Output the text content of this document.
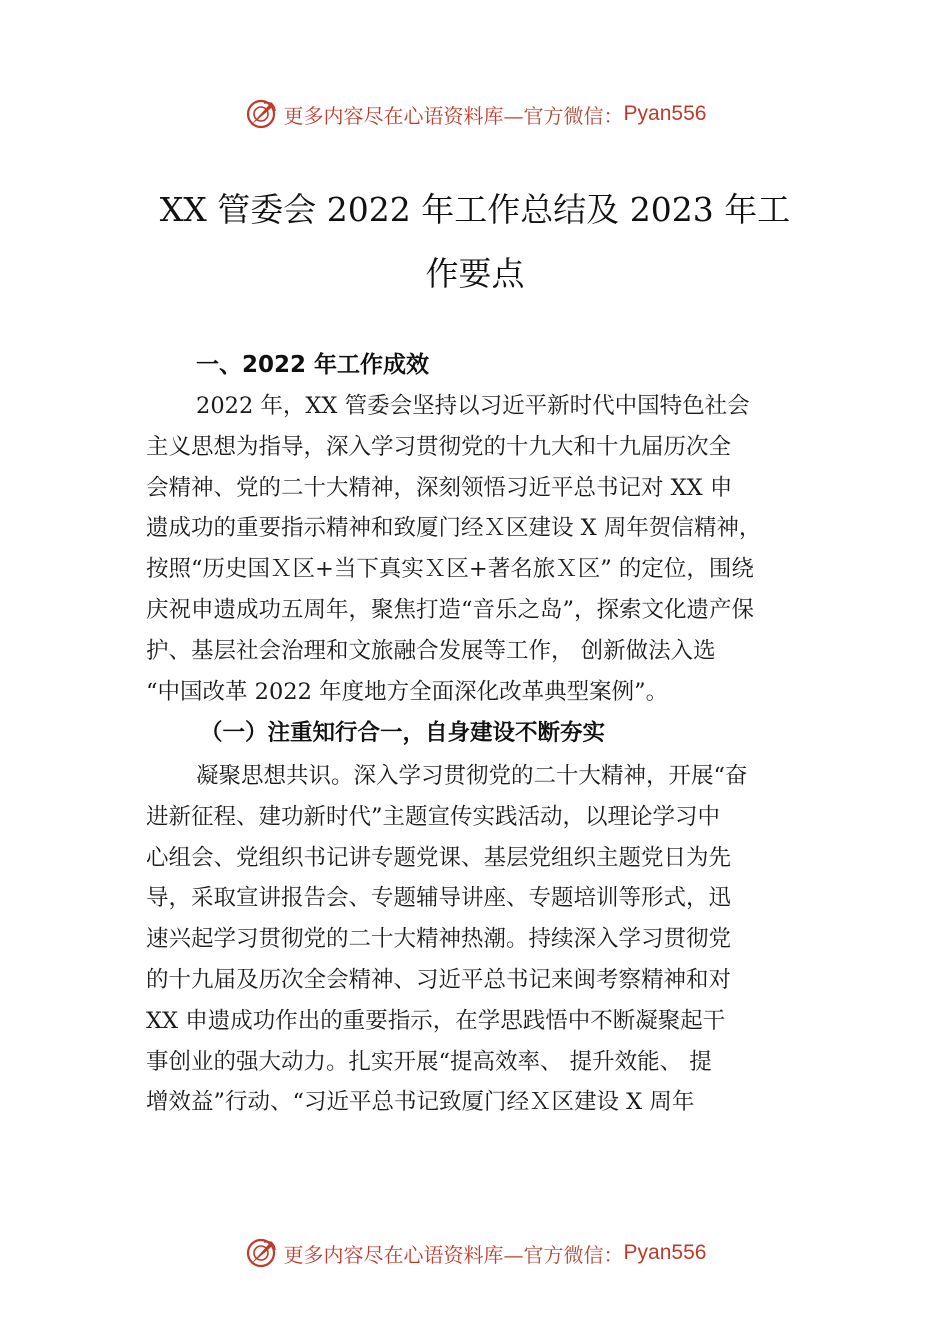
更多内容尽在心语资料库— 官方微信： Pyan556
XX 管委会 2022 年工作总结及 2023 年工
作要点
一、2022 年工作成效
2022 年，XX 管委会坚持以习近平新时代中国特色社会
主义思想为指导，深入学习贯彻党的十九大和十九届历次全
会精神、党的二十大精神，深刻领悟习近平总书记对 XX 申
遗成功的重要指示精神和致厦门经Ｘ区建设 X 周年贺信精神，
按照“历史国Ｘ区+当下真实Ｘ区+著名旅Ｘ区” 的定位，围绕
庆祝申遗成功五周年，聚焦打造“音乐之岛”，探索文化遗产保
护、基层社会治理和文旅融合发展等工作， 创新做法入选
“中国改革 2022 年度地方全面深化改革典型案例”。
（一）注重知行合一，自身建设不断夯实
凝聚思想共识。深入学习贯彻党的二十大精神，开展“奋
进新征程、建功新时代”主题宣传实践活动，以理论学习中
心组会、党组织书记讲专题党课、基层党组织主题党日为先
导，采取宣讲报告会、专题辅导讲座、专题培训等形式，迅
速兴起学习贯彻党的二十大精神热潮。持续深入学习贯彻党
的十九届及历次全会精神、习近平总书记来闽考察精神和对
XX 申遗成功作出的重要指示，在学思践悟中不断凝聚起干
事创业的强大动力。扎实开展“提高效率、 提升效能、 提
增效益”行动、“习近平总书记致厦门经Ｘ区建设 X 周年
更多内容尽在心语资料库— 官方微信： Pyan556
